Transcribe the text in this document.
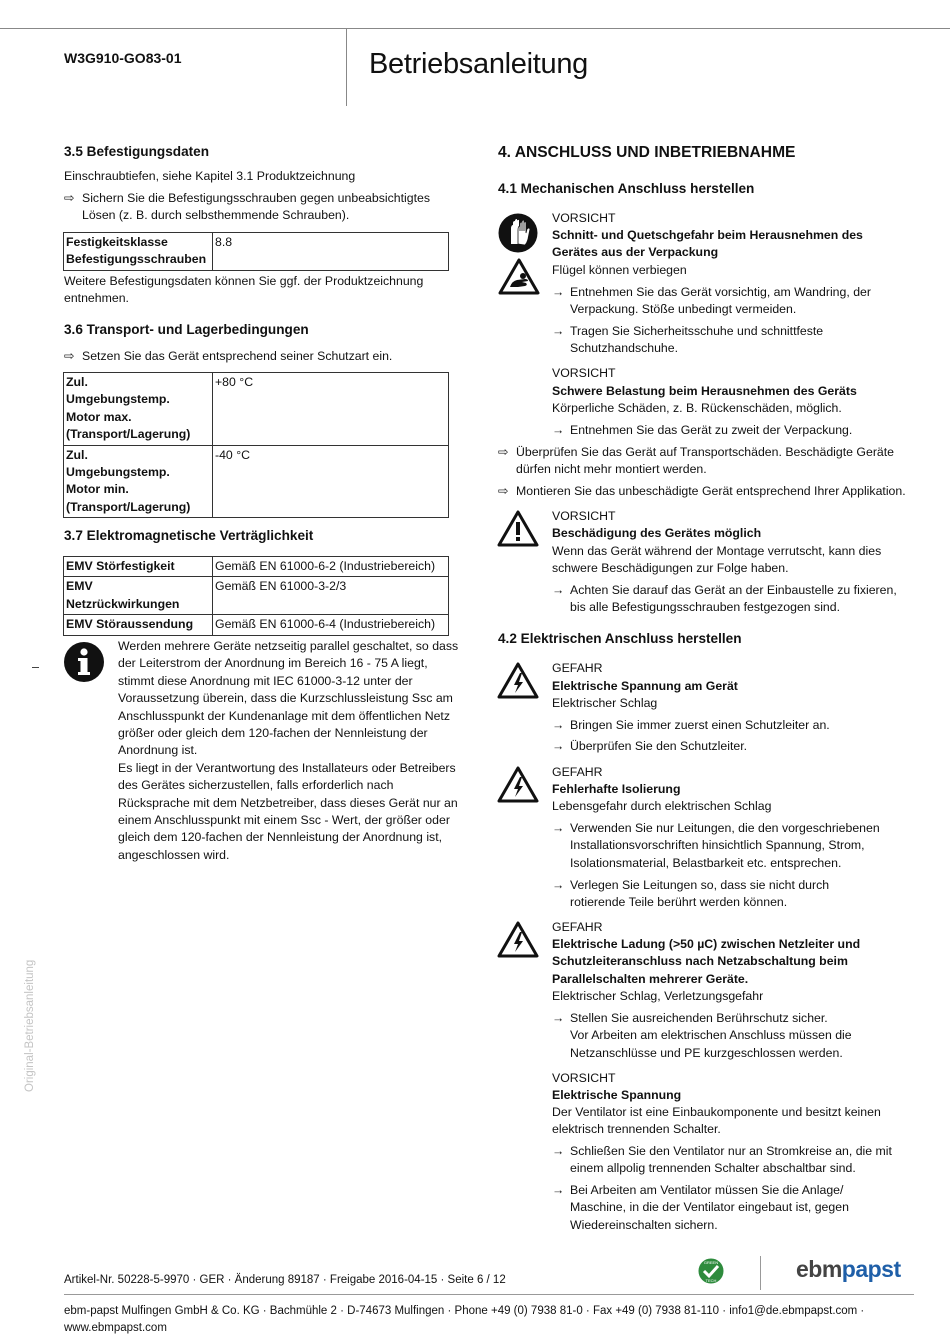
W3G910-GO83-01	Betriebsanleitung
3.5 Befestigungsdaten
Einschraubtiefen, siehe Kapitel 3.1 Produktzeichnung
⇨ Sichern Sie die Befestigungsschrauben gegen unbeabsichtigtes
Lösen (z. B. durch selbsthemmende Schrauben).
Festigkeitsklasse
Befestigungsschrauben
	8.8
Weitere Befestigungsdaten können Sie ggf. der Produktzeichnung
entnehmen.
3.6 Transport- und Lagerbedingungen
⇨ Setzen Sie das Gerät entsprechend seiner Schutzart ein.
Zul.
Umgebungstemp.
Motor max.
(Transport/Lagerung)	+80 °C

Zul.
Umgebungstemp.
Motor min.
(Transport/Lagerung)	-40 °C
3.7 Elektromagnetische Verträglichkeit
EMV Störfestigkeit	Gemäß EN 61000-6-2 (Industriebereich)

EMV
Netzrückwirkungen	Gemäß EN 61000-3-2/3

EMV Störaussendung	Gemäß EN 61000-6-4 (Industriebereich)

Werden mehrere Geräte netzseitig parallel geschaltet, so dass

der Leiterstrom der Anordnung im Bereich 16 - 75 A liegt,

stimmt diese Anordnung mit IEC 61000-3-12 unter der

Voraussetzung überein, dass die Kurzschlussleistung Ssc am

Anschlusspunkt der Kundenanlage mit dem öffentlichen Netz

größer oder gleich dem 120-fachen der Nennleistung der

Anordnung ist.

Es liegt in der Verantwortung des Installateurs oder Betreibers

des Gerätes sicherzustellen, falls erforderlich nach

Rücksprache mit dem Netzbetreiber, dass dieses Gerät nur an

einem Anschlusspunkt mit einem Ssc - Wert, der größer oder

gleich dem 120-fachen der Nennleistung der Anordnung ist,

angeschlossen wird.

Original-Betriebsanleitung
4. ANSCHLUSS UND INBETRIEBNAHME
4.1 Mechanischen Anschluss herstellen
VORSICHT
Schnitt- und Quetschgefahr beim Herausnehmen des
Gerätes aus der Verpackung
Flügel können verbiegen
→ Entnehmen Sie das Gerät vorsichtig, am Wandring, der
Verpackung. Stöße unbedingt vermeiden.
→ Tragen Sie Sicherheitsschuhe und schnittfeste
Schutzhandschuhe.
VORSICHT
Schwere Belastung beim Herausnehmen des Geräts
Körperliche Schäden, z. B. Rückenschäden, möglich.
→ Entnehmen Sie das Gerät zu zweit der Verpackung.
⇨ Überprüfen Sie das Gerät auf Transportschäden. Beschädigte Geräte
dürfen nicht mehr montiert werden.
⇨ Montieren Sie das unbeschädigte Gerät entsprechend Ihrer Applikation.
VORSICHT
Beschädigung des Gerätes möglich
Wenn das Gerät während der Montage verrutscht, kann dies
schwere Beschädigungen zur Folge haben.
→ Achten Sie darauf das Gerät an der Einbaustelle zu fixieren,
bis alle Befestigungsschrauben festgezogen sind.
4.2 Elektrischen Anschluss herstellen
GEFAHR
Elektrische Spannung am Gerät
Elektrischer Schlag
→ Bringen Sie immer zuerst einen Schutzleiter an.
→ Überprüfen Sie den Schutzleiter.
GEFAHR
Fehlerhafte Isolierung
Lebensgefahr durch elektrischen Schlag
→ Verwenden Sie nur Leitungen, die den vorgeschriebenen
Installationsvorschriften hinsichtlich Spannung, Strom,
Isolationsmaterial, Belastbarkeit etc. entsprechen.
→ Verlegen Sie Leitungen so, dass sie nicht durch
rotierende Teile berührt werden können.
GEFAHR
Elektrische Ladung (>50 µC) zwischen Netzleiter und
Schutzleiteranschluss nach Netzabschaltung beim
Parallelschalten mehrerer Geräte.
Elektrischer Schlag, Verletzungsgefahr
→ Stellen Sie ausreichenden Berührschutz sicher.
Vor Arbeiten am elektrischen Anschluss müssen die
Netzanschlüsse und PE kurzgeschlossen werden.
VORSICHT
Elektrische Spannung
Der Ventilator ist eine Einbaukomponente und besitzt keinen
elektrisch trennenden Schalter.
→ Schließen Sie den Ventilator nur an Stromkreise an, die mit
einem allpolig trennenden Schalter abschaltbar sind.
→ Bei Arbeiten am Ventilator müssen Sie die Anlage/
Maschine, in die der Ventilator eingebaut ist, gegen
Wiedereinschalten sichern.
Artikel-Nr. 50228-5-9970 · GER · Änderung 89187 · Freigabe 2016-04-15 · Seite 6 / 12
GREEN
TECH	ebmpapst
ebm-papst Mulfingen GmbH & Co. KG · Bachmühle 2 · D-74673 Mulfingen · Phone +49 (0) 7938 81-0 · Fax +49 (0) 7938 81-110 · info1@de.ebmpapst.com · www.ebmpapst.com
